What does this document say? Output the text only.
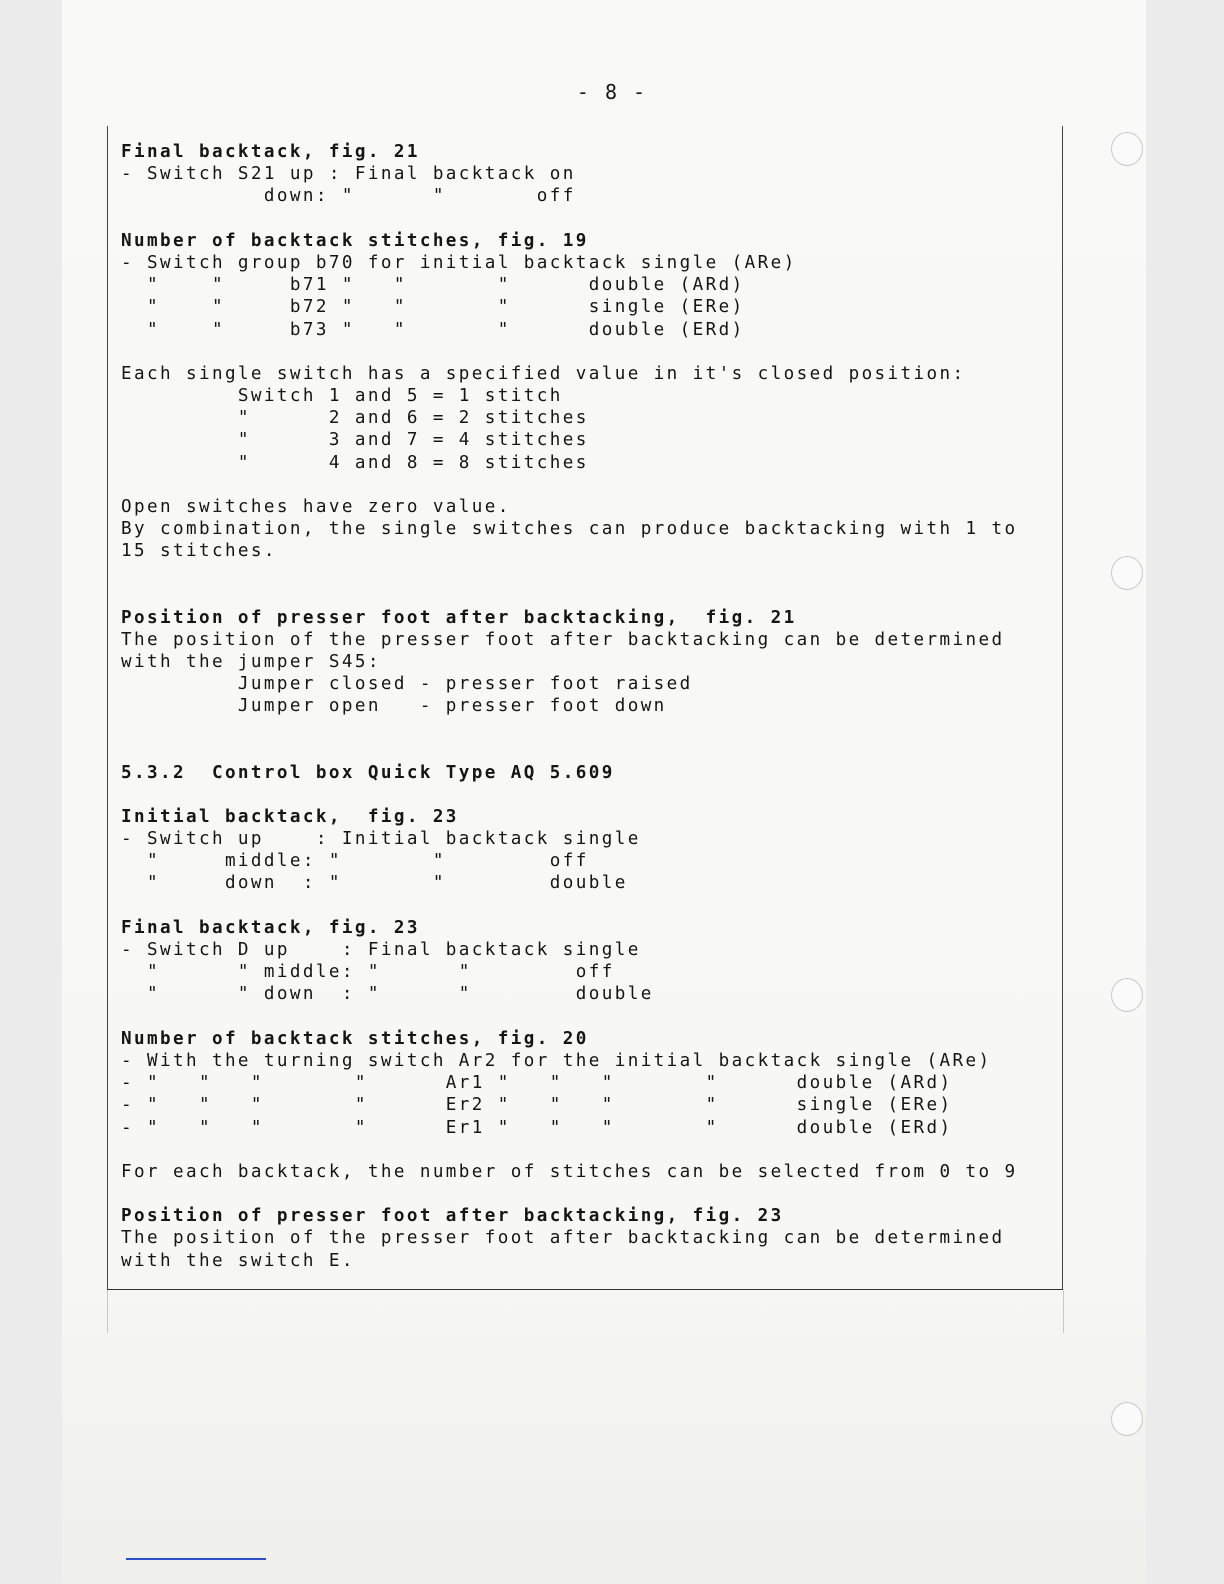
- 8 -
Final backtack, fig. 21
- Switch S21 up : Final backtack on
down: "      "       off
Number of backtack stitches, fig. 19
- Switch group b70 for initial backtack single (ARe)
"    "     b71 "   "       "      double (ARd)
"    "     b72 "   "       "      single (ERe)
"    "     b73 "   "       "      double (ERd)
Each single switch has a specified value in it's closed position:
Switch 1 and 5 = 1 stitch
"      2 and 6 = 2 stitches
"      3 and 7 = 4 stitches
"      4 and 8 = 8 stitches
Open switches have zero value.
By combination, the single switches can produce backtacking with 1 to
15 stitches.
Position of presser foot after backtacking,  fig. 21
The position of the presser foot after backtacking can be determined
with the jumper S45:
Jumper closed - presser foot raised
Jumper open   - presser foot down
5.3.2  Control box Quick Type AQ 5.609
Initial backtack,  fig. 23
- Switch up    : Initial backtack single
"     middle: "       "        off
"     down  : "       "        double
Final backtack, fig. 23
- Switch D up    : Final backtack single
"      " middle: "      "        off
"      " down  : "      "        double
Number of backtack stitches, fig. 20
- With the turning switch Ar2 for the initial backtack single (ARe)
- "   "   "       "      Ar1 "   "   "       "      double (ARd)
- "   "   "       "      Er2 "   "   "       "      single (ERe)
- "   "   "       "      Er1 "   "   "       "      double (ERd)
For each backtack, the number of stitches can be selected from 0 to 9
Position of presser foot after backtacking, fig. 23
The position of the presser foot after backtacking can be determined
with the switch E.
